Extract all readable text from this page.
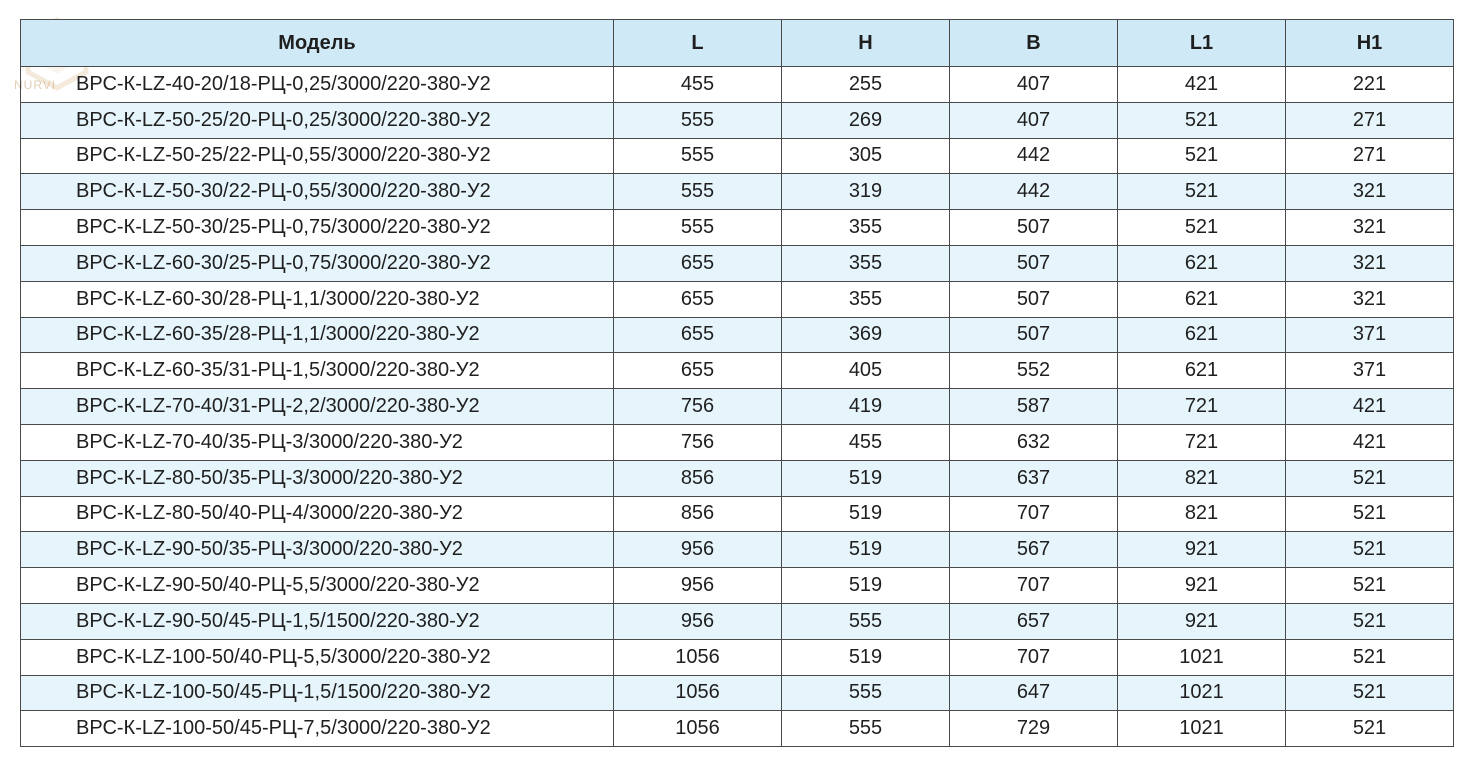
NURVI
Модель	L	H	B	L1	H1
ВРС-К-LZ-40-20/18-РЦ-0,25/3000/220-380-У2	455	255	407	421	221
ВРС-К-LZ-50-25/20-РЦ-0,25/3000/220-380-У2	555	269	407	521	271
ВРС-К-LZ-50-25/22-РЦ-0,55/3000/220-380-У2	555	305	442	521	271
ВРС-К-LZ-50-30/22-РЦ-0,55/3000/220-380-У2	555	319	442	521	321
ВРС-К-LZ-50-30/25-РЦ-0,75/3000/220-380-У2	555	355	507	521	321
ВРС-К-LZ-60-30/25-РЦ-0,75/3000/220-380-У2	655	355	507	621	321
ВРС-К-LZ-60-30/28-РЦ-1,1/3000/220-380-У2	655	355	507	621	321
ВРС-К-LZ-60-35/28-РЦ-1,1/3000/220-380-У2	655	369	507	621	371
ВРС-К-LZ-60-35/31-РЦ-1,5/3000/220-380-У2	655	405	552	621	371
ВРС-К-LZ-70-40/31-РЦ-2,2/3000/220-380-У2	756	419	587	721	421
ВРС-К-LZ-70-40/35-РЦ-3/3000/220-380-У2	756	455	632	721	421
ВРС-К-LZ-80-50/35-РЦ-3/3000/220-380-У2	856	519	637	821	521
ВРС-К-LZ-80-50/40-РЦ-4/3000/220-380-У2	856	519	707	821	521
ВРС-К-LZ-90-50/35-РЦ-3/3000/220-380-У2	956	519	567	921	521
ВРС-К-LZ-90-50/40-РЦ-5,5/3000/220-380-У2	956	519	707	921	521
ВРС-К-LZ-90-50/45-РЦ-1,5/1500/220-380-У2	956	555	657	921	521
ВРС-К-LZ-100-50/40-РЦ-5,5/3000/220-380-У2	1056	519	707	1021	521
ВРС-К-LZ-100-50/45-РЦ-1,5/1500/220-380-У2	1056	555	647	1021	521
ВРС-К-LZ-100-50/45-РЦ-7,5/3000/220-380-У2	1056	555	729	1021	521
